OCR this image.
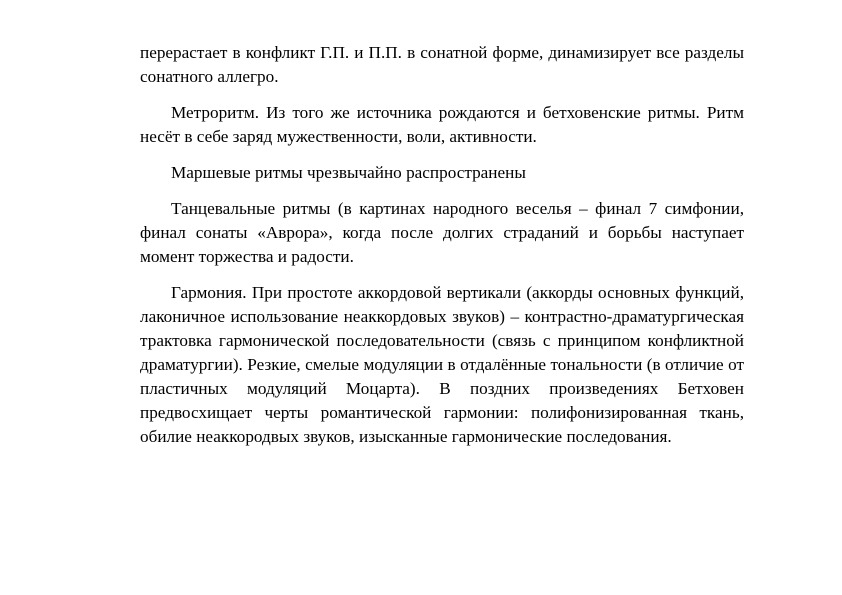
перерастает в конфликт Г.П. и П.П. в сонатной форме, динамизирует все разделы сонатного аллегро.

Метроритм. Из того же источника рождаются и бетховенские ритмы. Ритм несёт в себе заряд мужественности, воли, активности.

Маршевые ритмы чрезвычайно распространены

Танцевальные ритмы (в картинах народного веселья – финал 7 симфонии, финал сонаты «Аврора», когда после долгих страданий и борьбы наступает момент торжества и радости.

Гармония. При простоте аккордовой вертикали (аккорды основных функций, лаконичное использование неаккордовых звуков) – контрастно-драматургическая трактовка гармонической последовательности (связь с принципом конфликтной драматургии). Резкие, смелые модуляции в отдалённые тональности (в отличие от пластичных модуляций Моцарта). В поздних произведениях Бетховен предвосхищает черты романтической гармонии: полифонизированная ткань, обилие неаккородвых звуков, изысканные гармонические последования.
